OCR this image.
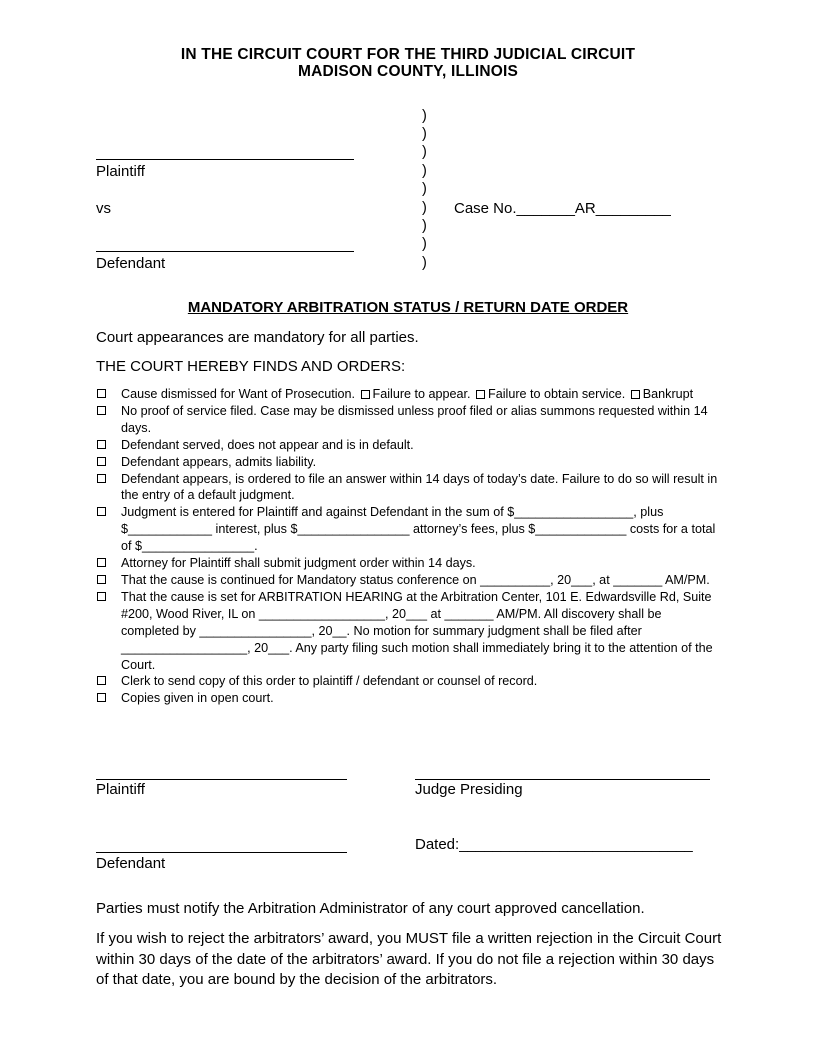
IN THE CIRCUIT COURT FOR THE THIRD JUDICIAL CIRCUIT
MADISON COUNTY, ILLINOIS
Plaintiff
vs
Defendant
)
)
)
)
)
)
)
)
)
Case No._______AR_________
MANDATORY ARBITRATION STATUS / RETURN DATE ORDER
Court appearances are mandatory for all parties.
THE COURT HEREBY FINDS AND ORDERS:
Cause dismissed for Want of Prosecution. Failure to appear. Failure to obtain service. Bankrupt
No proof of service filed. Case may be dismissed unless proof filed or alias summons requested within 14 days.
Defendant served, does not appear and is in default.
Defendant appears, admits liability.
Defendant appears, is ordered to file an answer within 14 days of today’s date. Failure to do so will result in the entry of a default judgment.
Judgment is entered for Plaintiff and against Defendant in the sum of $_________________, plus $____________ interest, plus $________________ attorney’s fees, plus $_____________ costs for a total of $________________.
Attorney for Plaintiff shall submit judgment order within 14 days.
That the cause is continued for Mandatory status conference on __________, 20___, at _______ AM/PM.
That the cause is set for ARBITRATION HEARING at the Arbitration Center, 101 E. Edwardsville Rd, Suite #200, Wood River, IL on __________________, 20___ at _______ AM/PM. All discovery shall be completed by ________________, 20__. No motion for summary judgment shall be filed after __________________, 20___. Any party filing such motion shall immediately bring it to the attention of the Court.
Clerk to send copy of this order to plaintiff / defendant or counsel of record.
Copies given in open court.
Plaintiff	Judge Presiding
Defendant
Dated:____________________________
Parties must notify the Arbitration Administrator of any court approved cancellation.
If you wish to reject the arbitrators’ award, you MUST file a written rejection in the Circuit Court within 30 days of the date of the arbitrators’ award. If you do not file a rejection within 30 days of that date, you are bound by the decision of the arbitrators.
